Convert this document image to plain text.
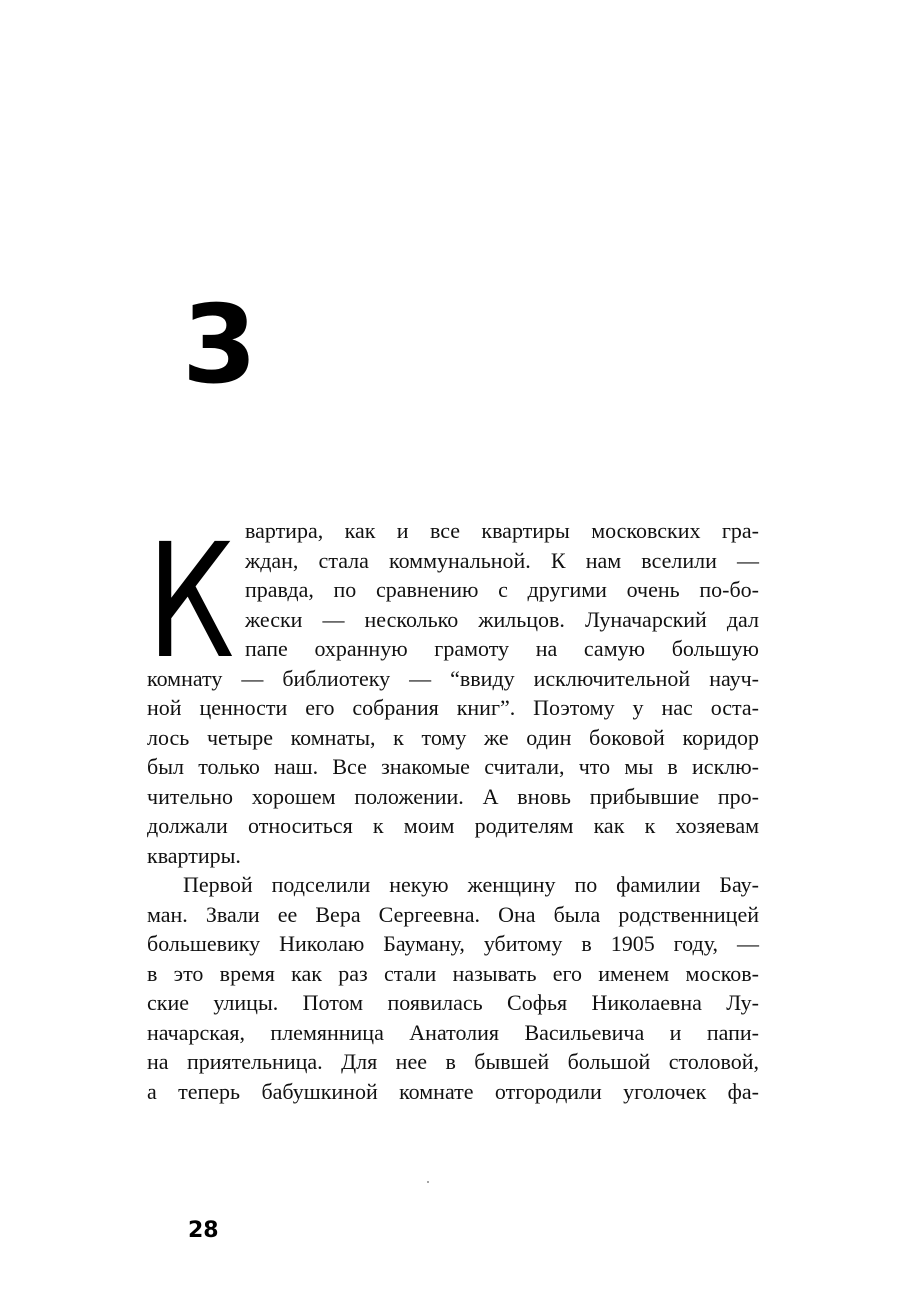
3
К вартира, как и все квартиры московских гра-
ждан, стала коммунальной. К нам вселили —
правда, по сравнению с другими очень по-бо-
жески — несколько жильцов. Луначарский дал
папе охранную грамоту на самую большую
комнату — библиотеку — “ввиду исключительной науч-
ной ценности его собрания книг”. Поэтому у нас оста-
лось четыре комнаты, к тому же один боковой коридор
был только наш. Все знакомые считали, что мы в исклю-
чительно хорошем положении. А вновь прибывшие про-
должали относиться к моим родителям как к хозяевам
квартиры.
Первой подселили некую женщину по фамилии Бау-
ман. Звали ее Вера Сергеевна. Она была родственницей
большевику Николаю Бауману, убитому в 1905 году, —
в это время как раз стали называть его именем москов-
ские улицы. Потом появилась Софья Николаевна Лу-
начарская, племянница Анатолия Васильевича и папи-
на приятельница. Для нее в бывшей большой столовой,
а теперь бабушкиной комнате отгородили уголочек фа-
28
